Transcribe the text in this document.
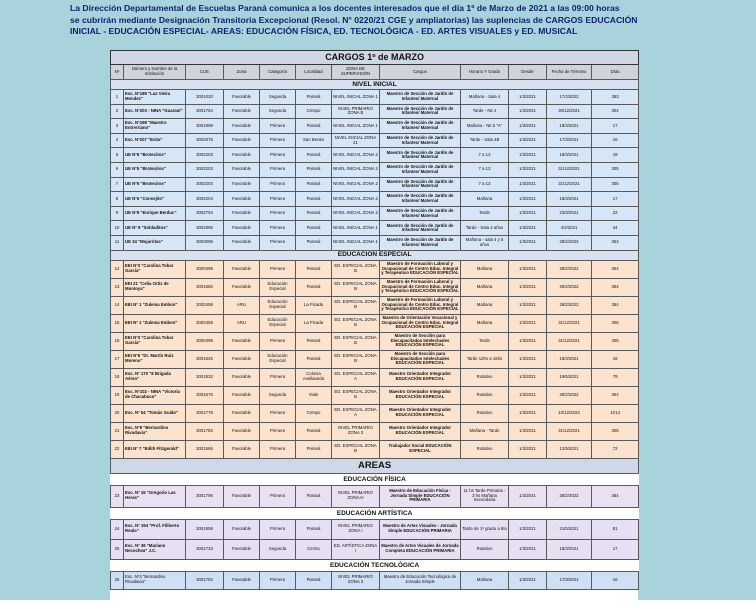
La Dirección Departamental de Escuelas Paraná comunica a los docentes interesados que el día 1º de Marzo de 2021 a las 09:00 horas
se cubrirán mediante Designación Transitoria Excepcional (Resol. N° 0220/21 CGE y ampliatorias) las suplencias de CARGOS EDUCACIÓN
INICIAL - EDUCACIÓN ESPECIAL- AREAS: EDUCACIÓN FÍSICA, ED. TECNOLÓGICA - ED. ARTES VISUALES y ED. MUSICAL
CARGOS 1º de MARZO											
Nº	Número y Nombre de la Institución	CUE	Zona	Categoría	Localidad	ZONA DE SUPERVISIÓN	Cargos	Horario Y Grado	Desde	Fecha de Término	Días
NIVEL INICIAL											
1	Esc. Nº189 "Luz Vieira Mendez"	3001020	Favorable	Segunda	Paraná	NIVEL INICIAL ZONA 1	Maestro de Sección de Jardín de Infantes/ Maternal	Mañana - Sala 4	1/3/2021	17/2/2022	353
2	Esc. Nº203 - NINA "Guaraní"	3001764	Favorable	Segunda	Crespo	NIVEL PRIMARIO ZONA B	Maestro de Sección de Jardín de Infantes/ Maternal	Tarde - Nit 4	1/3/2021	30/12/2021	304
3	Esc. Nº198 "Maestro Entrerriano"	3001998	Favorable	Primera	Paraná	NIVEL INICIAL ZONA 1	Maestro de Sección de Jardín de Infantes/ Maternal	Mañana - Nit 5 "A"	1/3/2021	18/3/2021	17
4	Esc. Nº207 "Evita"	3002076	Favorable	Primera	San Benito	NIVEL INICIAL ZONA 21	Maestro de Sección de Jardín de Infantes/ Maternal	Tarde - Sala 4B	1/3/2021	17/3/2021	16
5	UE Nº6 "Brotecitos"	3002203	Favorable	Primera	Paraná	NIVEL INICIAL ZONA 2	Maestro de Sección de Jardín de Infantes/ Maternal	7 a 13	1/3/2021	19/3/2021	18
6	UE Nº5 "Brotecitos"	3002203	Favorable	Primera	Paraná	NIVEL INICIAL ZONA 2	Maestro de Sección de Jardín de Infantes/ Maternal	7 a 13	1/3/2021	31/12/2021	305
7	UE Nº5 "Brotecitos"	3002203	Favorable	Primera	Paraná	NIVEL INICIAL ZONA 2	Maestro de Sección de Jardín de Infantes/ Maternal	7 a 13	1/3/2021	31/12/2021	305
8	UE Nº6 "Consejito"	3002204	Favorable	Primera	Paraná	NIVEL INICIAL ZONA 2	Maestro de Sección de Jardín de Infantes/ Maternal	Mañana	1/3/2021	18/3/2021	17
9	UE Nº9 "Enrique Berduc"	3002794	Favorable	Primera	Paraná	NIVEL INICIAL ZONA 2	Maestro de Sección de Jardín de Infantes/ Maternal	Tarde	1/3/2021	23/3/2021	22
10	UE Nº 9 "Soldaditos"	3002996	Favorable	Primera	Paraná	NIVEL INICIAL ZONA 1	Maestro de Sección de Jardín de Infantes/ Maternal	Tarde - Sala 4 años	1/3/2021	4/4/2021	34
11	UE 34 "Mojarritas"	3003095	Favorable	Primera	Paraná	NIVEL INICIAL ZONA 1	Maestro de Sección de Jardín de Infantes/ Maternal	Mañana - sala 4 y 5 años	1/3/2021	28/2/2022	364
EDUCACIÓN ESPECIAL											
12	EEI Nº3 "Carolina Tobar García"	3000499	Favorable	Primera	Paraná	ED. ESPECIAL ZONA B	Maestro de Formación Laboral y Ocupacional de Centro Educ. Integral y Terapéutico EDUCACIÓN ESPECIAL	Mañana	1/3/2021	28/2/2022	364
13	EEI 21 "Celia Ortiz de Montoya"	3001660	Favorable	Educación Especial	Paraná	ED. ESPECIAL ZONA B	Maestro de Formación Laboral y Ocupacional de Centro Educ. Integral y Terapéutico EDUCACIÓN ESPECIAL	Mañana	1/3/2021	28/2/2022	364
14	EEI Nº 1 "Zulema Embon"	3002458	ARU	Educación Especial	La Picada	ED. ESPECIAL ZONA B	Maestro de Formación Laboral y Ocupacional de Centro Educ. Integral y Terapéutico EDUCACIÓN ESPECIAL	Mañana	1/3/2021	28/2/2022	364
15	EEI Nº 1 "Zulema Embon"	3002458	ARU	Educación Especial	La Picada	ED. ESPECIAL ZONA B	Maestro de Orientación Vocacional y Ocupacional de Centro Educ. Integral EDUCACIÓN ESPECIAL	Mañana	1/3/2021	31/12/2021	305
16	EEI Nº3 "Carolina Tobar García"	3000499	Favorable	Primera	Paraná	ED. ESPECIAL ZONA B	Maestro de Sección para Discapacitados Intelectuales EDUCACIÓN ESPECIAL	Tarde	1/3/2021	31/12/2021	305
17	EEI Nº5 "Dr. Martín Ruiz Moreno"	3001625	Favorable	Educación Especial	Paraná	ED. ESPECIAL ZONA B	Maestro de Sección para Discapacitados Intelectuales EDUCACIÓN ESPECIAL	Tarde 12hs a 16hs	1/3/2021	19/3/2021	18
18	Esc. Nº 170 "8 Brigada Aérea"	3001932	Favorable	Primera	Colonia Avellaneda	ED. ESPECIAL ZONA A	Maestro Orientador Integrador EDUCACIÓN ESPECIAL	Rotativo	1/3/2021	19/5/2021	79
19	Esc. Nº102 - NINA "Victoria de Chacabuco"	3001676	Favorable	Segunda	Viale	ED. ESPECIAL ZONA B	Maestro Orientador Integrador EDUCACIÓN ESPECIAL	Rotativo	1/3/2021	28/2/2022	364
20	Esc. Nº 54 "Tomás Guido"	3001779	Favorable	Primera	Crespo	ED. ESPECIAL ZONA A	Maestro Orientador Integrador EDUCACIÓN ESPECIAL	Rotativo	1/3/2021	10/12/2023	1014
21	Esc. Nº9 "Bernardino Rivadavia"	3001782	Favorable	Primera	Paraná	NIVEL PRIMARIO ZONA 3	Maestro Orientador Integrador EDUCACIÓN ESPECIAL	Mañana - Tarde	1/3/2021	31/12/2021	305
22	EEI Nº 7 "Edith Fitzgerald"	3001566	Favorable	Primera	Paraná	ED. ESPECIAL ZONA B	Trabajador Social EDUCACIÓN ESPECIAL	Rotativo	1/3/2021	12/5/2021	72
AREAS											
EDUCACIÓN FÍSICA											
23	Esc. Nº 15 "Gregorio Las Heras"	3001796	Favorable	Primera	Paraná	NIVEL PRIMARIO ZONA H	Maestro de Educación Física - Jornada Simple EDUCACIÓN PRIMARIA	11 hs Tarde Primaria - 3 hs Mañana Secundaria	1/3/2021	28/2/2022	364
EDUCACIÓN ARTÍSTICA											
24	Esc. Nº 194 "Prof. Filiberto Reula"	3001958	Favorable	Primera	Paraná	NIVEL PRIMARIO ZONA I	Maestro de Artes Visuales - Jornada Simple EDUCACIÓN PRIMARIA	Tarde de 1º grado a 6to	1/3/2021	21/5/2021	81
25	Esc. Nº 36 "Mariano Necochea" J.C.	3001733	Favorable	Segunda	Cerrito	ED. ARTÍSTICA ZONA I	Maestro de Artes Visuales de Jornada Completa EDUCACIÓN PRIMARIA	Rotativo	1/3/2021	18/3/2021	17
EDUCACIÓN TECNOLÓGICA											
26	Esc. Nº3 "Bernardino Rivadavia"	3001782	Favorable	Primera	Paraná	NIVEL PRIMARIO ZONA 3	Maestro de Educación Tecnológica de Jornada Simple	Mañana	1/3/2021	17/3/2021	16
